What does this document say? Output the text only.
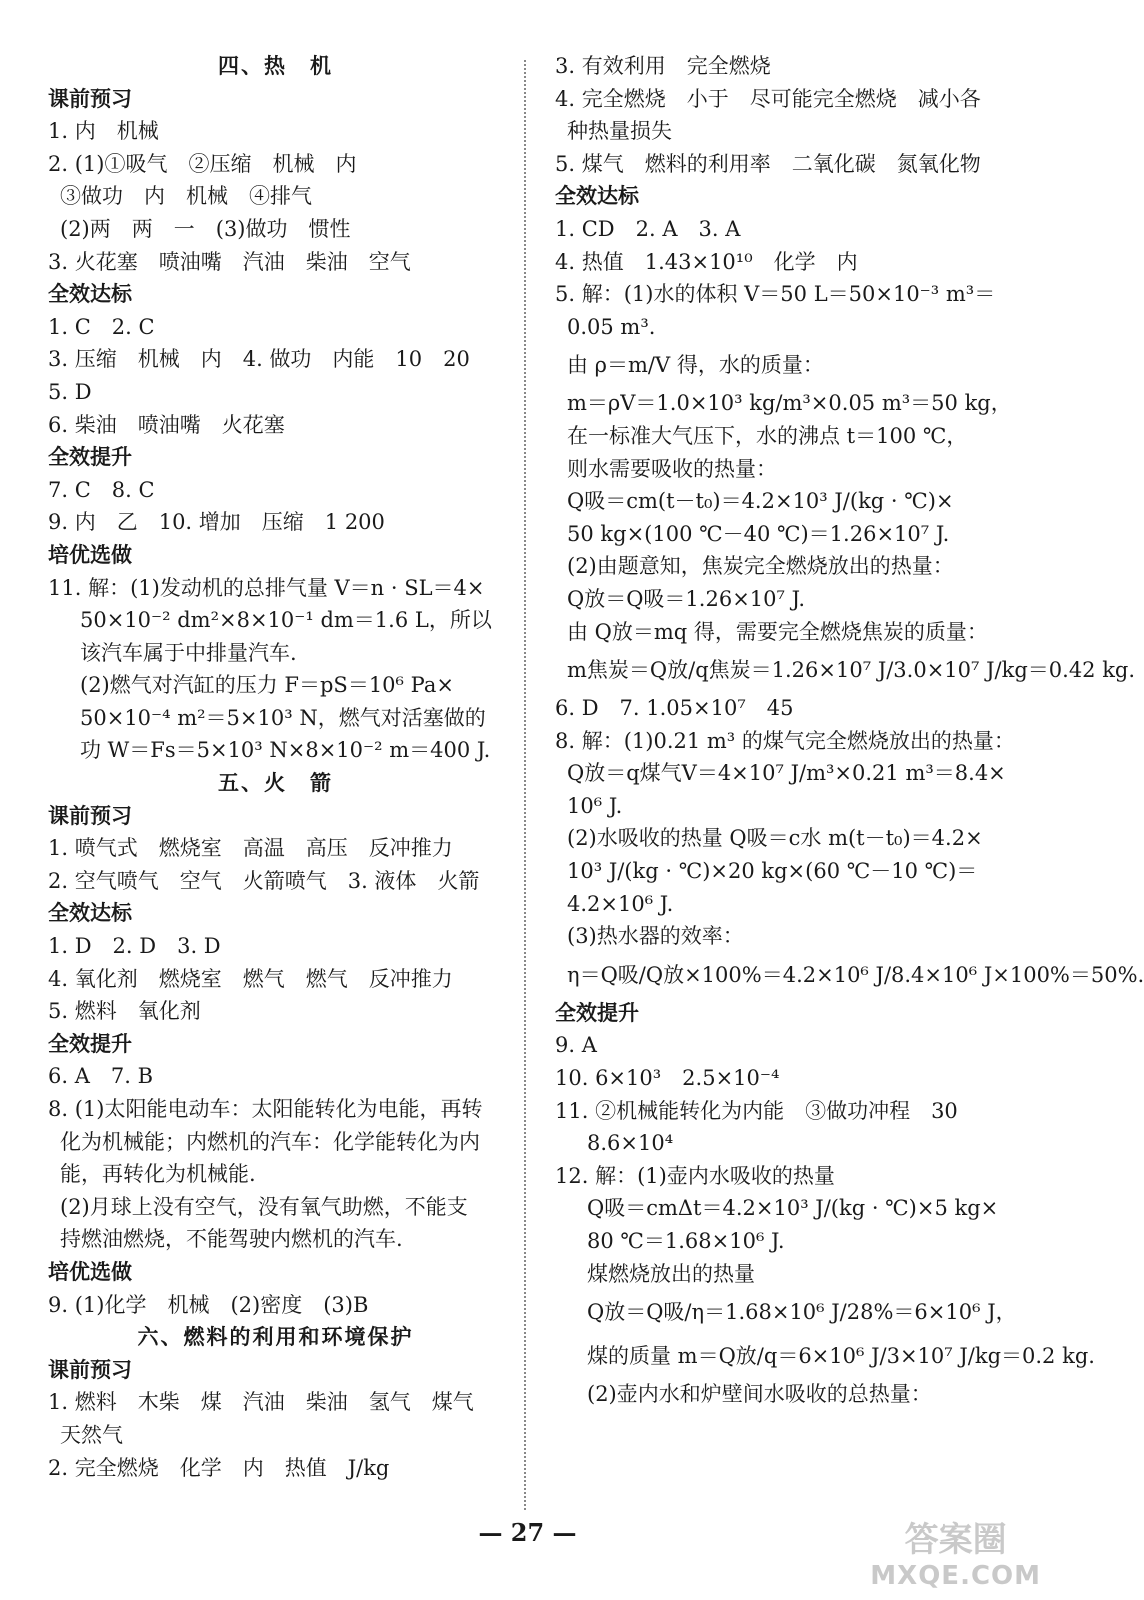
四、热　机
课前预习
1. 内　机械
2. (1)①吸气　②压缩　机械　内
③做功　内　机械　④排气
(2)两　两　一　(3)做功　惯性
3. 火花塞　喷油嘴　汽油　柴油　空气
全效达标
1. C　2. C
3. 压缩　机械　内　4. 做功　内能　10　20
5. D
6. 柴油　喷油嘴　火花塞
全效提升
7. C　8. C
9. 内　乙　10. 增加　压缩　1 200
培优选做
11. 解：(1)发动机的总排气量 V＝n · SL＝4×
50×10⁻² dm²×8×10⁻¹ dm＝1.6 L，所以
该汽车属于中排量汽车.
(2)燃气对汽缸的压力 F＝pS＝10⁶ Pa×
50×10⁻⁴ m²＝5×10³ N，燃气对活塞做的
功 W＝Fs＝5×10³ N×8×10⁻² m＝400 J.
五、火　箭
课前预习
1. 喷气式　燃烧室　高温　高压　反冲推力
2. 空气喷气　空气　火箭喷气　3. 液体　火箭
全效达标
1. D　2. D　3. D
4. 氧化剂　燃烧室　燃气　燃气　反冲推力
5. 燃料　氧化剂
全效提升
6. A　7. B
8. (1)太阳能电动车：太阳能转化为电能，再转
化为机械能；内燃机的汽车：化学能转化为内
能，再转化为机械能.
(2)月球上没有空气，没有氧气助燃，不能支
持燃油燃烧，不能驾驶内燃机的汽车.
培优选做
9. (1)化学　机械　(2)密度　(3)B
六、燃料的利用和环境保护
课前预习
1. 燃料　木柴　煤　汽油　柴油　氢气　煤气
天然气
2. 完全燃烧　化学　内　热值　J/kg
3. 有效利用　完全燃烧
4. 完全燃烧　小于　尽可能完全燃烧　减小各
种热量损失
5. 煤气　燃料的利用率　二氧化碳　氮氧化物
全效达标
1. CD　2. A　3. A
4. 热值　1.43×10¹⁰　化学　内
5. 解：(1)水的体积 V＝50 L＝50×10⁻³ m³＝
0.05 m³.
由 ρ＝m/V 得，水的质量：
m＝ρV＝1.0×10³ kg/m³×0.05 m³＝50 kg，
在一标准大气压下，水的沸点 t＝100 ℃，
则水需要吸收的热量：
Q吸＝cm(t－t₀)＝4.2×10³ J/(kg · ℃)×
50 kg×(100 ℃－40 ℃)＝1.26×10⁷ J.
(2)由题意知，焦炭完全燃烧放出的热量：
Q放＝Q吸＝1.26×10⁷ J.
由 Q放＝mq 得，需要完全燃烧焦炭的质量：
m焦炭＝Q放/q焦炭＝1.26×10⁷ J/3.0×10⁷ J/kg＝0.42 kg.
6. D　7. 1.05×10⁷　45
8. 解：(1)0.21 m³ 的煤气完全燃烧放出的热量：
Q放＝q煤气V＝4×10⁷ J/m³×0.21 m³＝8.4×
10⁶ J.
(2)水吸收的热量 Q吸＝c水 m(t－t₀)＝4.2×
10³ J/(kg · ℃)×20 kg×(60 ℃－10 ℃)＝
4.2×10⁶ J.
(3)热水器的效率：
η＝Q吸/Q放×100%＝4.2×10⁶ J/8.4×10⁶ J×100%＝50%.
全效提升
9. A
10. 6×10³　2.5×10⁻⁴
11. ②机械能转化为内能　③做功冲程　30
8.6×10⁴
12. 解：(1)壶内水吸收的热量
Q吸＝cmΔt＝4.2×10³ J/(kg · ℃)×5 kg×
80 ℃＝1.68×10⁶ J.
煤燃烧放出的热量
Q放＝Q吸/η＝1.68×10⁶ J/28%＝6×10⁶ J，
煤的质量 m＝Q放/q＝6×10⁶ J/3×10⁷ J/kg＝0.2 kg.
(2)壶内水和炉壁间水吸收的总热量：
— 27 —	答案圈
MXQE.COM
